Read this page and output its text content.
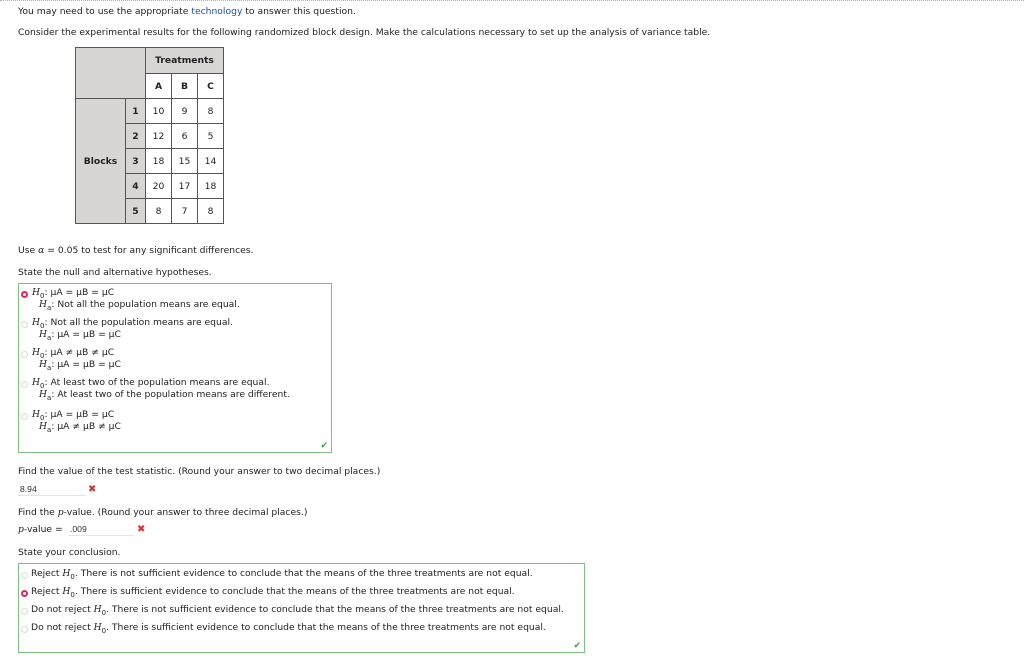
You may need to use the appropriate technology to answer this question.
Consider the experimental results for the following randomized block design. Make the calculations necessary to set up the analysis of variance table.
		Treatments		
		A	B	C
Blocks	1	10	9	8
	2	12	6	5
	3	18	15	14
	4	20	17	18
	5	8	7	8
Use α = 0.05 to test for any significant differences.
State the null and alternative hypotheses.
$H_0$: μA = μB = μC
$H_a$: Not all the population means are equal.
$H_0$: Not all the population means are equal.
$H_a$: μA = μB = μC
$H_0$: μA ≠ μB ≠ μC
$H_a$: μA = μB = μC
$H_0$: At least two of the population means are equal.
$H_a$: At least two of the population means are different.
$H_0$: μA = μB = μC
$H_a$: μA ≠ μB ≠ μC
✔
Find the value of the test statistic. (Round your answer to two decimal places.)
8.94
✖
Find the p-value. (Round your answer to three decimal places.)
p-value =
.009	✖
State your conclusion.
Reject $H_0$. There is not sufficient evidence to conclude that the means of the three treatments are not equal.
Reject $H_0$. There is sufficient evidence to conclude that the means of the three treatments are not equal.
Do not reject $H_0$. There is not sufficient evidence to conclude that the means of the three treatments are not equal.
Do not reject $H_0$. There is sufficient evidence to conclude that the means of the three treatments are not equal.
✔
